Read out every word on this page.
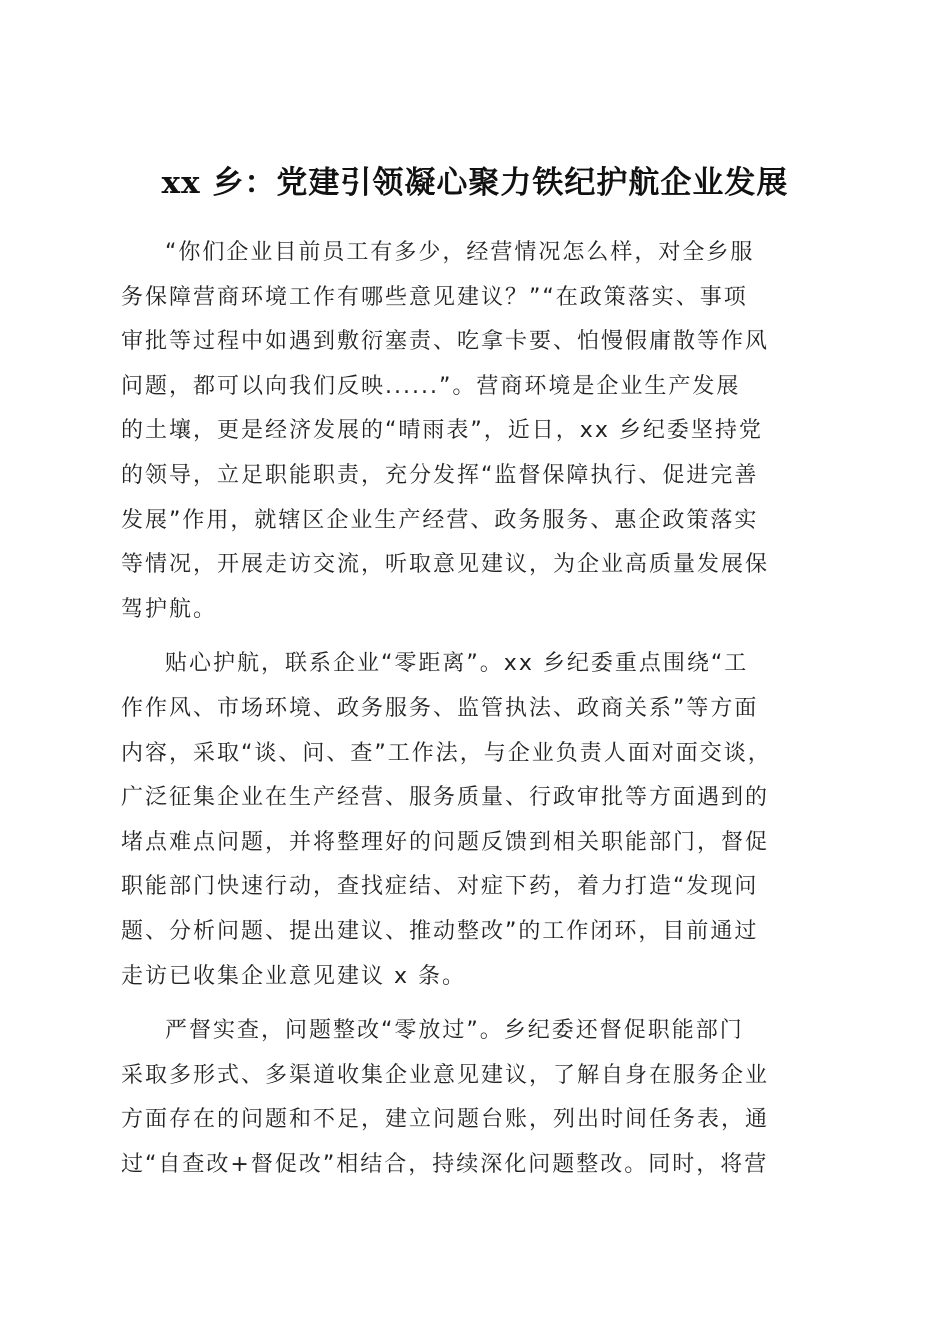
xx 乡：党建引领凝心聚力铁纪护航企业发展

“你们企业目前员工有多少，经营情况怎么样，对全乡服
务保障营商环境工作有哪些意见建议？”“在政策落实、事项
审批等过程中如遇到敷衍塞责、吃拿卡要、怕慢假庸散等作风
问题，都可以向我们反映......”。营商环境是企业生产发展
的土壤，更是经济发展的“晴雨表”，近日，xx 乡纪委坚持党
的领导，立足职能职责，充分发挥“监督保障执行、促进完善
发展”作用，就辖区企业生产经营、政务服务、惠企政策落实
等情况，开展走访交流，听取意见建议，为企业高质量发展保
驾护航。

贴心护航，联系企业“零距离”。xx 乡纪委重点围绕“工
作作风、市场环境、政务服务、监管执法、政商关系”等方面
内容，采取“谈、问、查”工作法，与企业负责人面对面交谈，
广泛征集企业在生产经营、服务质量、行政审批等方面遇到的
堵点难点问题，并将整理好的问题反馈到相关职能部门，督促
职能部门快速行动，查找症结、对症下药，着力打造“发现问
题、分析问题、提出建议、推动整改”的工作闭环，目前通过
走访已收集企业意见建议 x 条。

严督实查，问题整改“零放过”。乡纪委还督促职能部门
采取多形式、多渠道收集企业意见建议，了解自身在服务企业
方面存在的问题和不足，建立问题台账，列出时间任务表，通
过“自查改+督促改”相结合，持续深化问题整改。同时，将营
